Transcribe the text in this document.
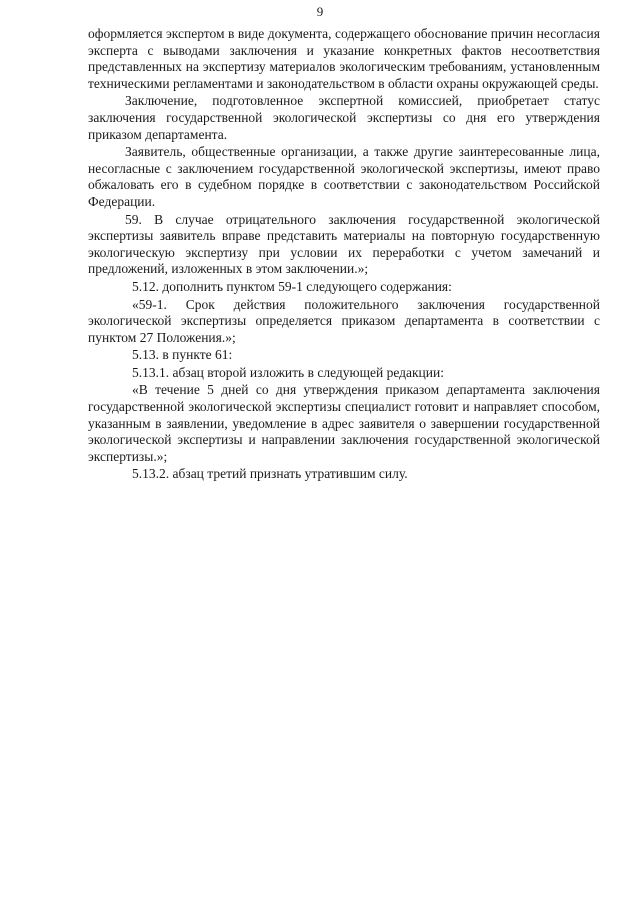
9

оформляется экспертом в виде документа, содержащего обоснование причин несогласия эксперта с выводами заключения и указание конкретных фактов несоответствия представленных на экспертизу материалов экологическим требованиям, установленным техническими регламентами и законодательством в области охраны окружающей среды.

Заключение, подготовленное экспертной комиссией, приобретает статус заключения государственной экологической экспертизы со дня его утверждения приказом департамента.

Заявитель, общественные организации, а также другие заинтересованные лица, несогласные с заключением государственной экологической экспертизы, имеют право обжаловать его в судебном порядке в соответствии с законодательством Российской Федерации.

59. В случае отрицательного заключения государственной экологической экспертизы заявитель вправе представить материалы на повторную государственную экологическую экспертизу при условии их переработки с учетом замечаний и предложений, изложенных в этом заключении.»;

5.12. дополнить пунктом 59-1 следующего содержания:

«59-1. Срок действия положительного заключения государственной экологической экспертизы определяется приказом департамента в соответствии с пунктом 27 Положения.»;

5.13. в пункте 61:

5.13.1. абзац второй изложить в следующей редакции:

«В течение 5 дней со дня утверждения приказом департамента заключения государственной экологической экспертизы специалист готовит и направляет способом, указанным в заявлении, уведомление в адрес заявителя о завершении государственной экологической экспертизы и направлении заключения государственной экологической экспертизы.»;

5.13.2. абзац третий признать утратившим силу.
